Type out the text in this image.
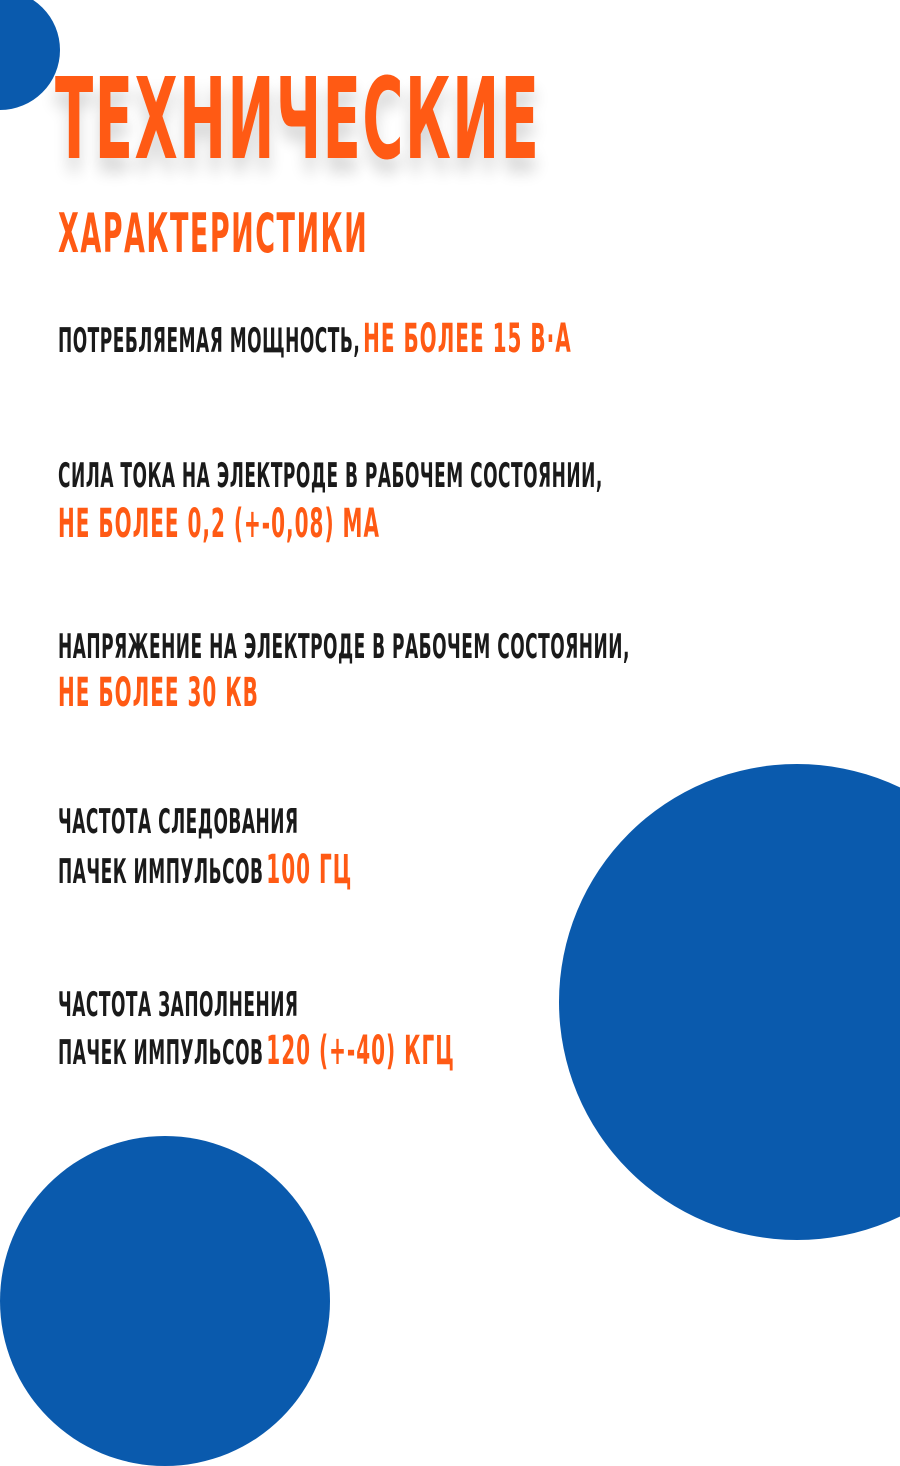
ТЕХНИЧЕСКИЕ
ХАРАКТЕРИСТИКИ
ПОТРЕБЛЯЕМАЯ МОЩНОСТЬ, НЕ БОЛЕЕ 15 В·А
СИЛА ТОКА НА ЭЛЕКТРОДЕ В РАБОЧЕМ СОСТОЯНИИ,
НЕ БОЛЕЕ 0,2 (+-0,08) МА
НАПРЯЖЕНИЕ НА ЭЛЕКТРОДЕ В РАБОЧЕМ СОСТОЯНИИ,
НЕ БОЛЕЕ 30 КВ
ЧАСТОТА СЛЕДОВАНИЯ
ПАЧЕК ИМПУЛЬСОВ 100 ГЦ
ЧАСТОТА ЗАПОЛНЕНИЯ
ПАЧЕК ИМПУЛЬСОВ 120 (+-40) КГЦ
